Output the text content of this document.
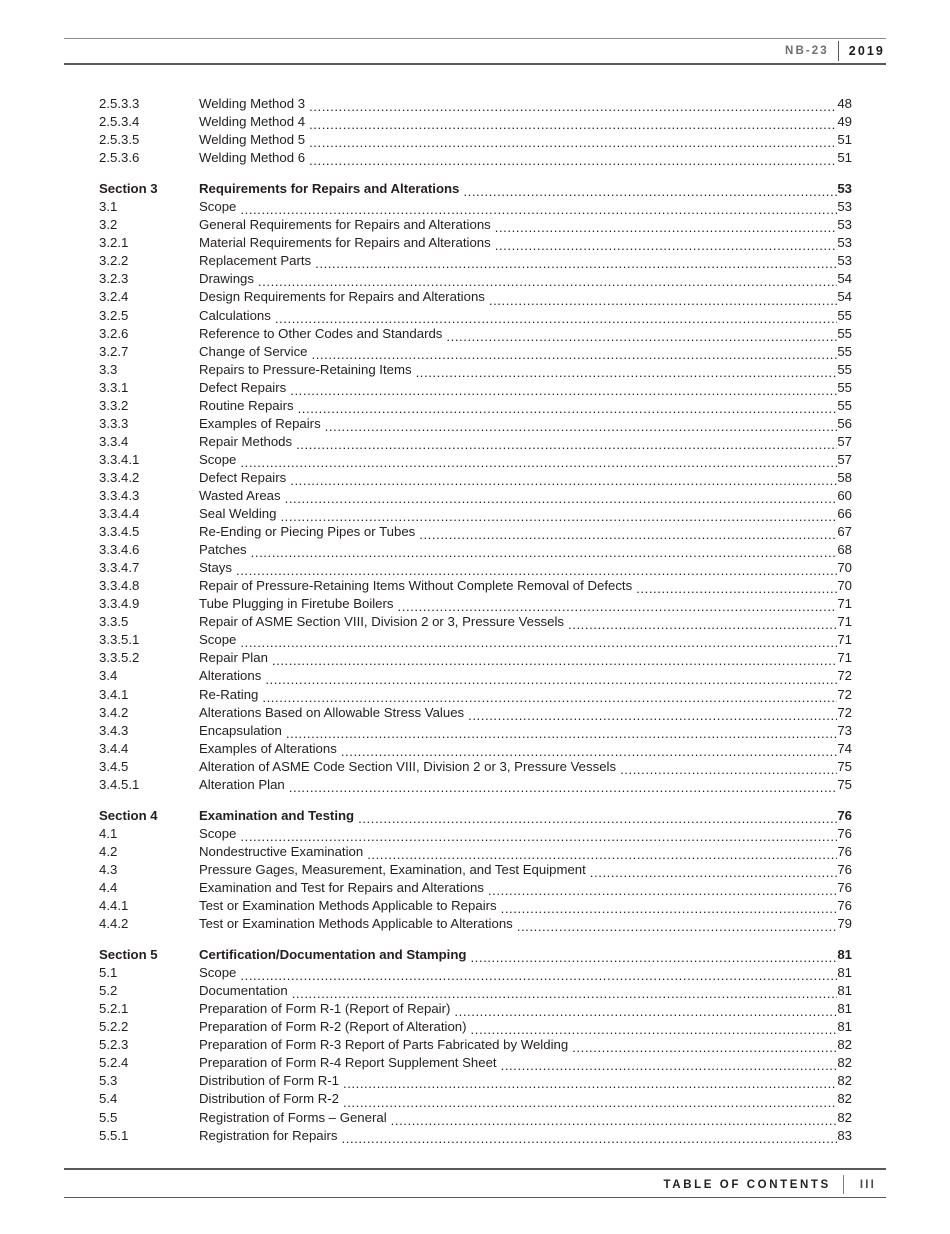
NB-23	2019
2.5.3.3	Welding Method 3 .....	48
2.5.3.4	Welding Method 4 .....	49
2.5.3.5	Welding Method 5 .....	51
2.5.3.6	Welding Method 6 .....	51
Section 3	Requirements for Repairs and Alterations .....	53
3.1	Scope .....	53
3.2	General Requirements for Repairs and Alterations .....	53
3.2.1	Material Requirements for Repairs and Alterations .....	53
3.2.2	Replacement Parts .....	53
3.2.3	Drawings .....	54
3.2.4	Design Requirements for Repairs and Alterations .....	54
3.2.5	Calculations .....	55
3.2.6	Reference to Other Codes and Standards .....	55
3.2.7	Change of Service .....	55
3.3	Repairs to Pressure-Retaining Items .....	55
3.3.1	Defect Repairs .....	55
3.3.2	Routine Repairs .....	55
3.3.3	Examples of Repairs .....	56
3.3.4	Repair Methods .....	57
3.3.4.1	Scope .....	57
3.3.4.2	Defect Repairs .....	58
3.3.4.3	Wasted Areas .....	60
3.3.4.4	Seal Welding .....	66
3.3.4.5	Re-Ending or Piecing Pipes or Tubes .....	67
3.3.4.6	Patches .....	68
3.3.4.7	Stays .....	70
3.3.4.8	Repair of Pressure-Retaining Items Without Complete Removal of Defects .....	70
3.3.4.9	Tube Plugging in Firetube Boilers .....	71
3.3.5	Repair of ASME Section VIII, Division 2 or 3, Pressure Vessels .....	71
3.3.5.1	Scope .....	71
3.3.5.2	Repair Plan .....	71
3.4	Alterations .....	72
3.4.1	Re-Rating .....	72
3.4.2	Alterations Based on Allowable Stress Values .....	72
3.4.3	Encapsulation .....	73
3.4.4	Examples of Alterations .....	74
3.4.5	Alteration of ASME Code Section VIII, Division 2 or 3, Pressure Vessels .....	75
3.4.5.1	Alteration Plan .....	75
Section 4	Examination and Testing .....	76
4.1	Scope .....	76
4.2	Nondestructive Examination .....	76
4.3	Pressure Gages, Measurement, Examination, and Test Equipment .....	76
4.4	Examination and Test for Repairs and Alterations .....	76
4.4.1	Test or Examination Methods Applicable to Repairs .....	76
4.4.2	Test or Examination Methods Applicable to Alterations .....	79
Section 5	Certification/Documentation and Stamping .....	81
5.1	Scope .....	81
5.2	Documentation .....	81
5.2.1	Preparation of Form R-1 (Report of Repair) .....	81
5.2.2	Preparation of Form R-2 (Report of Alteration) .....	81
5.2.3	Preparation of Form R-3 Report of Parts Fabricated by Welding .....	82
5.2.4	Preparation of Form R-4 Report Supplement Sheet .....	82
5.3	Distribution of Form R-1 .....	82
5.4	Distribution of Form R-2 .....	82
5.5	Registration of Forms – General .....	82
5.5.1	Registration for Repairs .....	83
TABLE OF CONTENTS	III
